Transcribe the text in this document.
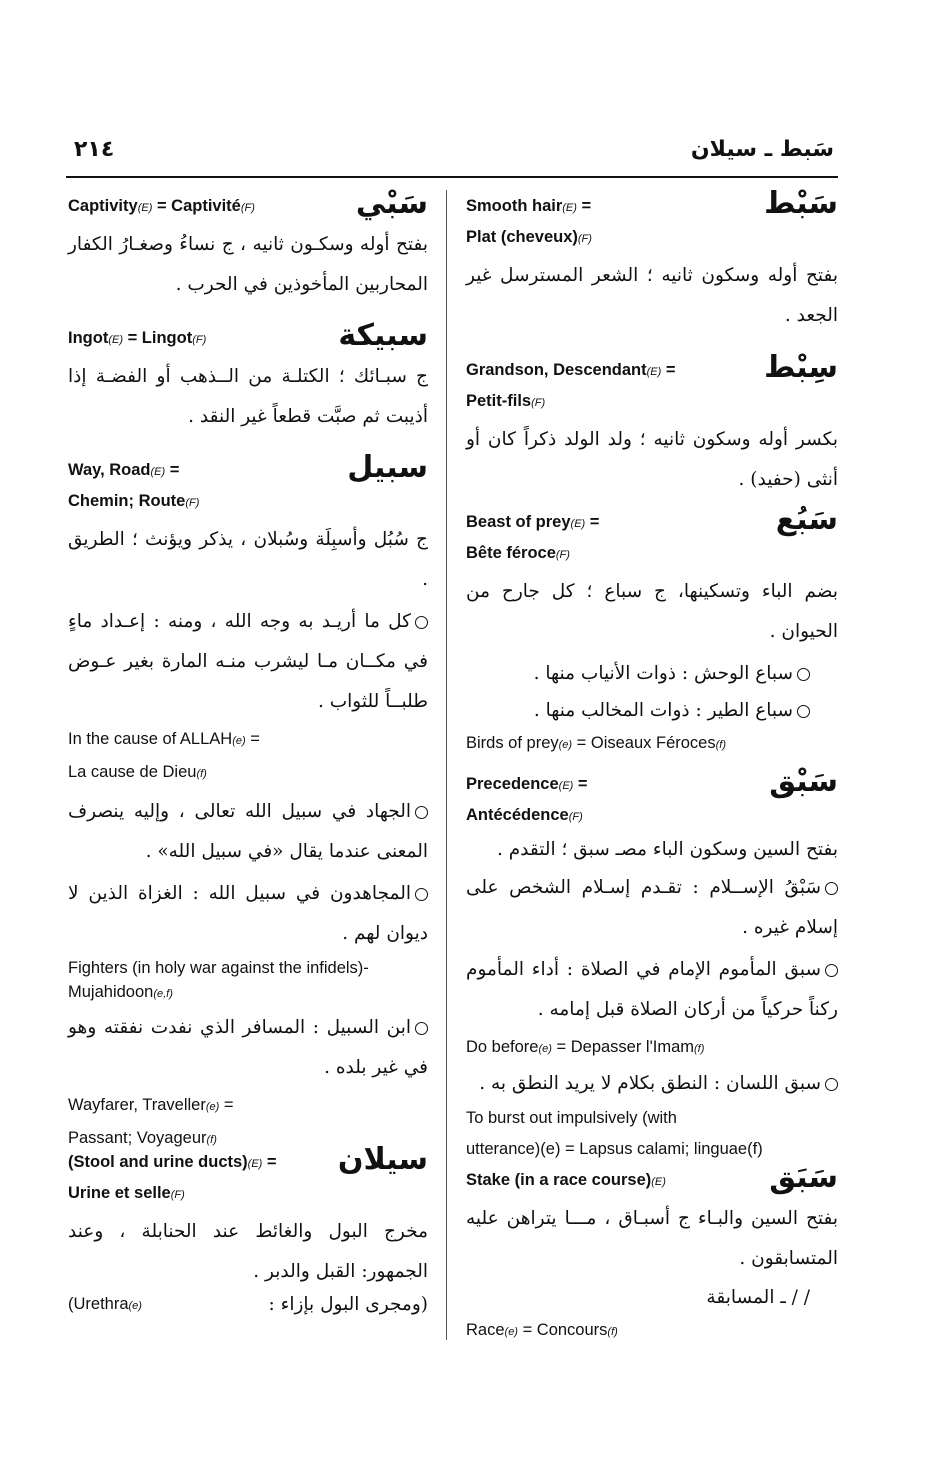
٢١٤	سَبط ـ سيلان
سَبْط
Smooth hair(E) =
Plat (cheveux)(F)
بفتح أوله وسكون ثانيه ؛ الشعر المسترسل غير الجعد .
سِبْط
Grandson, Descendant(E) =
Petit-fils(F)
بكسر أوله وسكون ثانيه ؛ ولد الولد ذكراً كان أو أنثى (حفيد) .
سَبُع
Beast of prey(E) =
Bête féroce(F)
بضم الباء وتسكينها، ج سباع ؛ كل جارح من الحيوان .
سباع الوحش : ذوات الأنياب منها .
سباع الطير : ذوات المخالب منها .
Birds of prey(e) = Oiseaux Féroces(f)
سَبْق
Precedence(E) =
Antécédence(F)
بفتح السين وسكون الباء مصـ سبق ؛ التقدم .
سَبْقُ الإســلام : تقـدم إسـلام الشخص على إسلام غيره .
سبق المأموم الإمام في الصلاة : أداء المأموم ركناً حركياً من أركان الصلاة قبل إمامه .
Do before(e) = Depasser l'Imam(f)
سبق اللسان : النطق بكلام لا يريد النطق به .
To burst out impulsively (with
utterance)(e) = Lapsus calami; linguae(f)
سَبَق
Stake (in a race course)(E)
بفتح السين والبـاء ج أسبـاق ، مـــا يتراهن عليه المتسابقون .
/ / ـ المسابقة
Race(e) = Concours(f)
سَبْي
Captivity(E) = Captivité(F)
بفتح أوله وسكـون ثانيه ، ج نساءُ وصغـارُ الكفار المحاربين المأخوذين في الحرب .
سبيكة
Ingot(E) = Lingot(F)
ج سبـائك ؛ الكتلـة من الــذهب أو الفضـة إذا أذيبت ثم صبَّت قطعاً غير النقد .
سبيل
Way, Road(E) =
Chemin; Route(F)
ج سُبُل وأسبِلَة وسُبلان ، يذكر ويؤنث ؛ الطريق .
كل ما أريـد به وجه الله ، ومنه : إعـداد ماءٍ في مكــان مـا ليشرب منـه المارة بغير عـوض طلبــاً للثواب .
In the cause of ALLAH(e) =
La cause de Dieu(f)
الجهاد في سبيل الله تعالى ، وإليه ينصرف المعنى عندما يقال «في سبيل الله» .
المجاهدون في سبيل الله : الغزاة الذين لا ديوان لهم .
Fighters (in holy war against the infidels)-
Mujahidoon(e,f)
ابن السبيل : المسافر الذي نفدت نفقته وهو في غير بلده .
Wayfarer, Traveller(e) =
Passant; Voyageur(f)
سيلان
(Stool and urine ducts)(E) =
Urine et selle(F)
مخرج البول والغائط عند الحنابلة ، وعند الجمهور: القبل والدبر .
(Urethra(e)	(ومجرى البول بإزاء :
